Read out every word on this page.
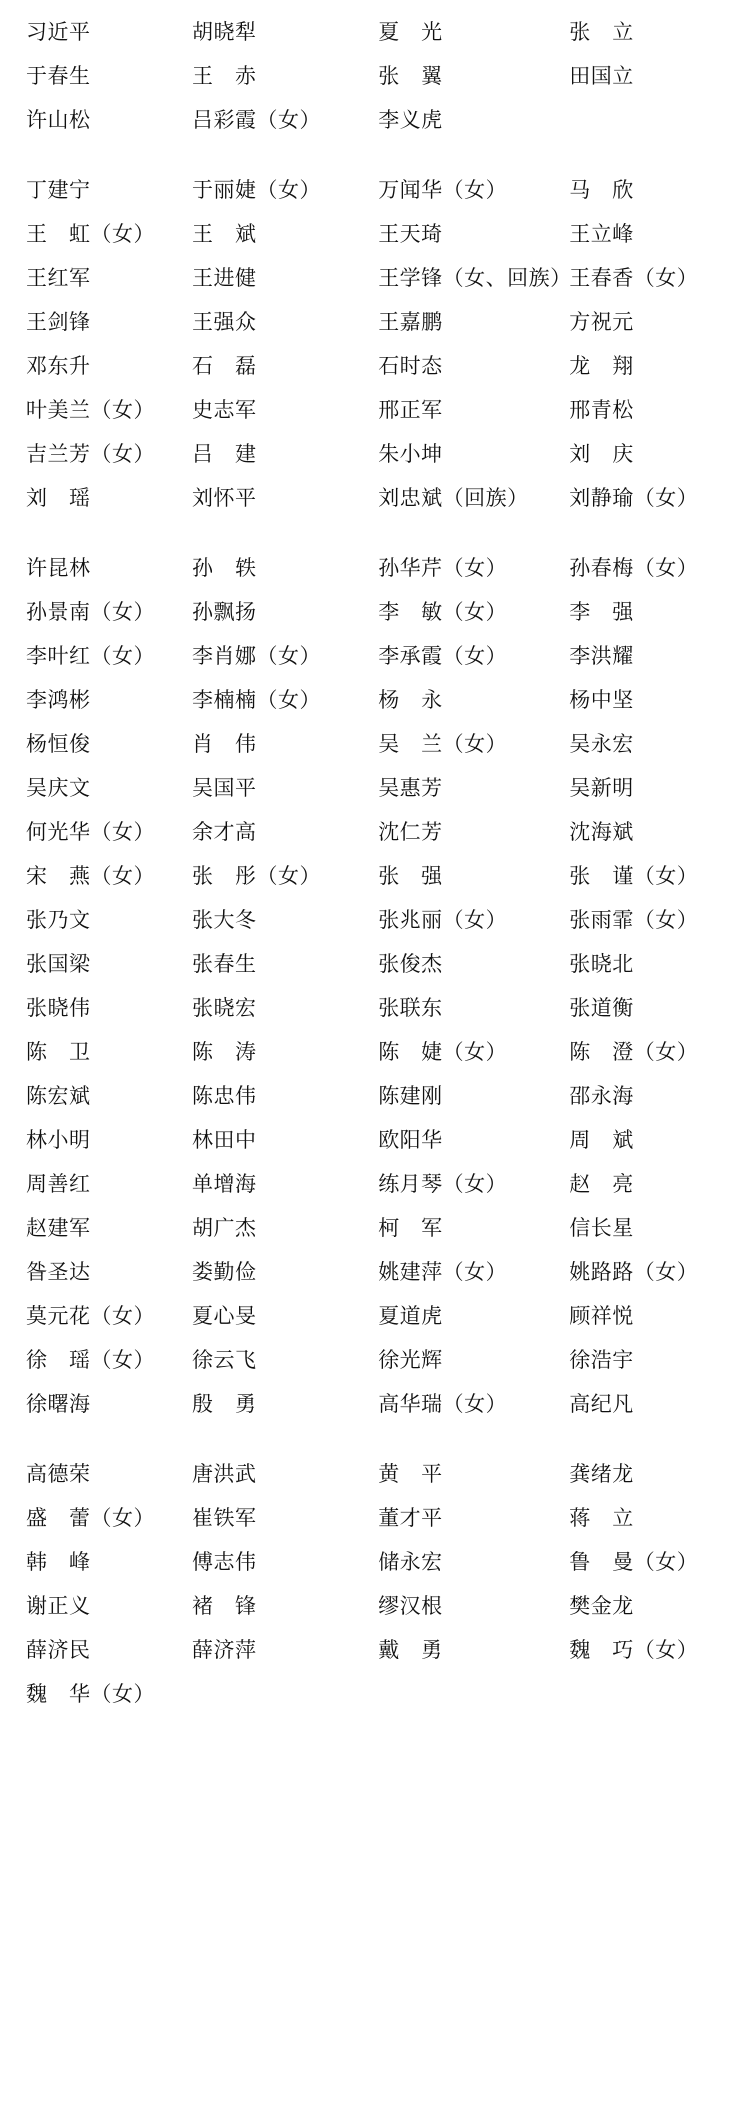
习近平	胡晓犁	夏　光	张　立
于春生	王　赤	张　翼	田国立
许山松	吕彩霞（女）	李义虎	

丁建宁	于丽婕（女）	万闻华（女）	马　欣
王　虹（女）	王　斌	王天琦	王立峰
王红军	王进健	王学锋（女、回族）	王春香（女）
王剑锋	王强众	王嘉鹏	方祝元
邓东升	石　磊	石时态	龙　翔
叶美兰（女）	史志军	邢正军	邢青松
吉兰芳（女）	吕　建	朱小坤	刘　庆
刘　瑶	刘怀平	刘忠斌（回族）	刘静瑜（女）

许昆林	孙　轶	孙华芹（女）	孙春梅（女）
孙景南（女）	孙飘扬	李　敏（女）	李　强
李叶红（女）	李肖娜（女）	李承霞（女）	李洪耀
李鸿彬	李楠楠（女）	杨　永	杨中坚
杨恒俊	肖　伟	吴　兰（女）	吴永宏
吴庆文	吴国平	吴惠芳	吴新明
何光华（女）	余才高	沈仁芳	沈海斌
宋　燕（女）	张　彤（女）	张　强	张　谨（女）
张乃文	张大冬	张兆丽（女）	张雨霏（女）
张国梁	张春生	张俊杰	张晓北
张晓伟	张晓宏	张联东	张道衡
陈　卫	陈　涛	陈　婕（女）	陈　澄（女）
陈宏斌	陈忠伟	陈建刚	邵永海
林小明	林田中	欧阳华	周　斌
周善红	单增海	练月琴（女）	赵　亮
赵建军	胡广杰	柯　军	信长星
昝圣达	娄勤俭	姚建萍（女）	姚路路（女）
莫元花（女）	夏心旻	夏道虎	顾祥悦
徐　瑶（女）	徐云飞	徐光辉	徐浩宇
徐曙海	殷　勇	高华瑞（女）	高纪凡

高德荣	唐洪武	黄　平	龚绪龙
盛　蕾（女）	崔铁军	董才平	蒋　立
韩　峰	傅志伟	储永宏	鲁　曼（女）
谢正义	褚　锋	缪汉根	樊金龙
薛济民	薛济萍	戴　勇	魏　巧（女）
魏　华（女）			
